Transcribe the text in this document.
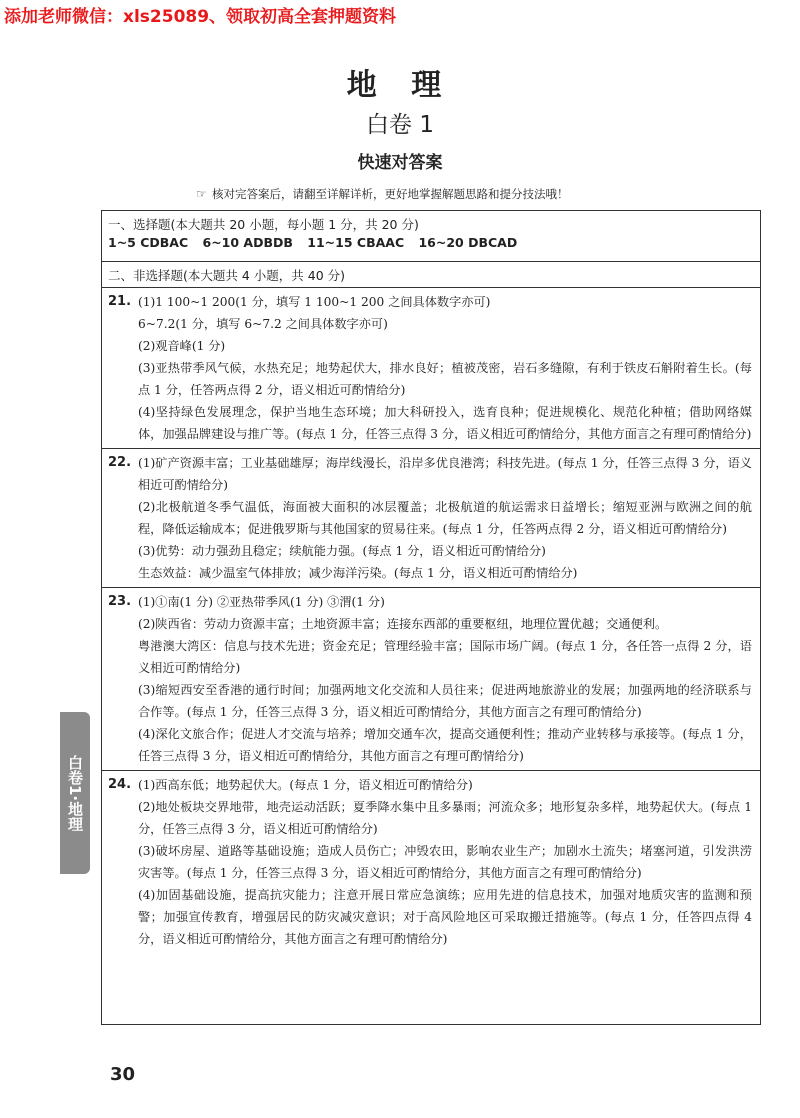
添加老师微信：xls25089、领取初高全套押题资料
地 理
白卷 1
快速对答案
☞ 核对完答案后，请翻至详解详析，更好地掌握解题思路和提分技法哦！
一、选择题(本大题共 20 小题，每小题 1 分，共 20 分)
1~5 CDBAC 6~10 ADBDB 11~15 CBAAC 16~20 DBCAD
二、非选择题(本大题共 4 小题，共 40 分)
21. (1)1 100~1 200(1 分，填写 1 100~1 200 之间具体数字亦可)

6~7.2(1 分，填写 6~7.2 之间具体数字亦可)

(2)观音峰(1 分)

(3)亚热带季风气候，水热充足；地势起伏大，排水良好；植被茂密，岩石多缝隙，有利于铁皮石斛附着生长。(每点 1 分，任答两点得 2 分，语义相近可酌情给分)

(4)坚持绿色发展理念，保护当地生态环境；加大科研投入，选育良种；促进规模化、规范化种植；借助网络媒体，加强品牌建设与推广等。(每点 1 分，任答三点得 3 分，语义相近可酌情给分，其他方面言之有理可酌情给分)

22. (1)矿产资源丰富；工业基础雄厚；海岸线漫长，沿岸多优良港湾；科技先进。(每点 1 分，任答三点得 3 分，语义相近可酌情给分)

(2)北极航道冬季气温低，海面被大面积的冰层覆盖；北极航道的航运需求日益增长；缩短亚洲与欧洲之间的航程，降低运输成本；促进俄罗斯与其他国家的贸易往来。(每点 1 分，任答两点得 2 分，语义相近可酌情给分)

(3)优势：动力强劲且稳定；续航能力强。(每点 1 分，语义相近可酌情给分)

生态效益：减少温室气体排放；减少海洋污染。(每点 1 分，语义相近可酌情给分)

23. (1)①南(1 分) ②亚热带季风(1 分) ③渭(1 分)

(2)陕西省：劳动力资源丰富；土地资源丰富；连接东西部的重要枢纽，地理位置优越；交通便利。

粤港澳大湾区：信息与技术先进；资金充足；管理经验丰富；国际市场广阔。(每点 1 分，各任答一点得 2 分，语义相近可酌情给分)

(3)缩短西安至香港的通行时间；加强两地文化交流和人员往来；促进两地旅游业的发展；加强两地的经济联系与合作等。(每点 1 分，任答三点得 3 分，语义相近可酌情给分，其他方面言之有理可酌情给分)

(4)深化文旅合作；促进人才交流与培养；增加交通车次，提高交通便利性；推动产业转移与承接等。(每点 1 分，任答三点得 3 分，语义相近可酌情给分，其他方面言之有理可酌情给分)

24. (1)西高东低；地势起伏大。(每点 1 分，语义相近可酌情给分)

(2)地处板块交界地带，地壳运动活跃；夏季降水集中且多暴雨；河流众多；地形复杂多样，地势起伏大。(每点 1 分，任答三点得 3 分，语义相近可酌情给分)

(3)破坏房屋、道路等基础设施；造成人员伤亡；冲毁农田，影响农业生产；加剧水土流失；堵塞河道，引发洪涝灾害等。(每点 1 分，任答三点得 3 分，语义相近可酌情给分，其他方面言之有理可酌情给分)

(4)加固基础设施，提高抗灾能力；注意开展日常应急演练；应用先进的信息技术，加强对地质灾害的监测和预警；加强宣传教育，增强居民的防灾减灾意识；对于高风险地区可采取搬迁措施等。(每点 1 分，任答四点得 4 分，语义相近可酌情给分，其他方面言之有理可酌情给分)

白卷1·地理
30
